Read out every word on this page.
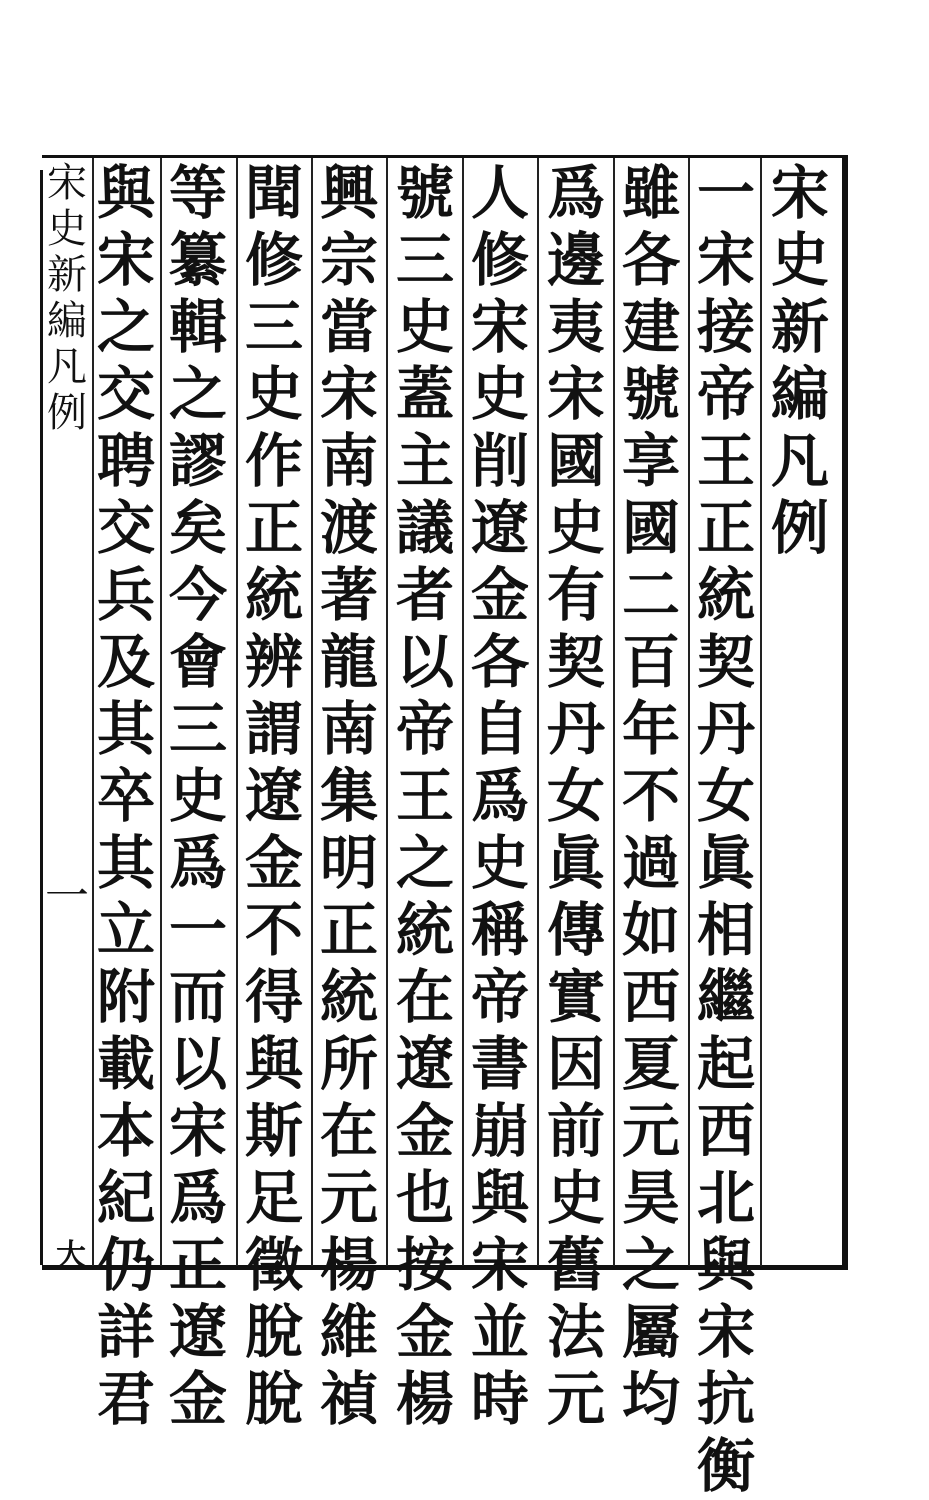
宋
史
新
編
凡
例
一
宋
接
帝
王
正
統
契
丹
女
眞
相
繼
起
西
北
與
宋
抗
衡
雖
各
建
號
享
國
二
百
年
不
過
如
西
夏
元
昊
之
屬
均
爲
邊
夷
宋
國
史
有
契
丹
女
眞
傳
實
因
前
史
舊
法
元
人
修
宋
史
削
遼
金
各
自
爲
史
稱
帝
書
崩
與
宋
並
時
號
三
史
蓋
主
議
者
以
帝
王
之
統
在
遼
金
也
按
金
楊
興
宗
當
宋
南
渡
著
龍
南
集
明
正
統
所
在
元
楊
維
禎
聞
修
三
史
作
正
統
辨
謂
遼
金
不
得
與
斯
足
徵
脫
脫
等
纂
輯
之
謬
矣
今
會
三
史
爲
一
而
以
宋
爲
正
遼
金
與
宋
之
交
聘
交
兵
及
其
卒
其
立
附
載
本
紀
仍
詳
君
宋
史
新
編
凡
例
一
大
